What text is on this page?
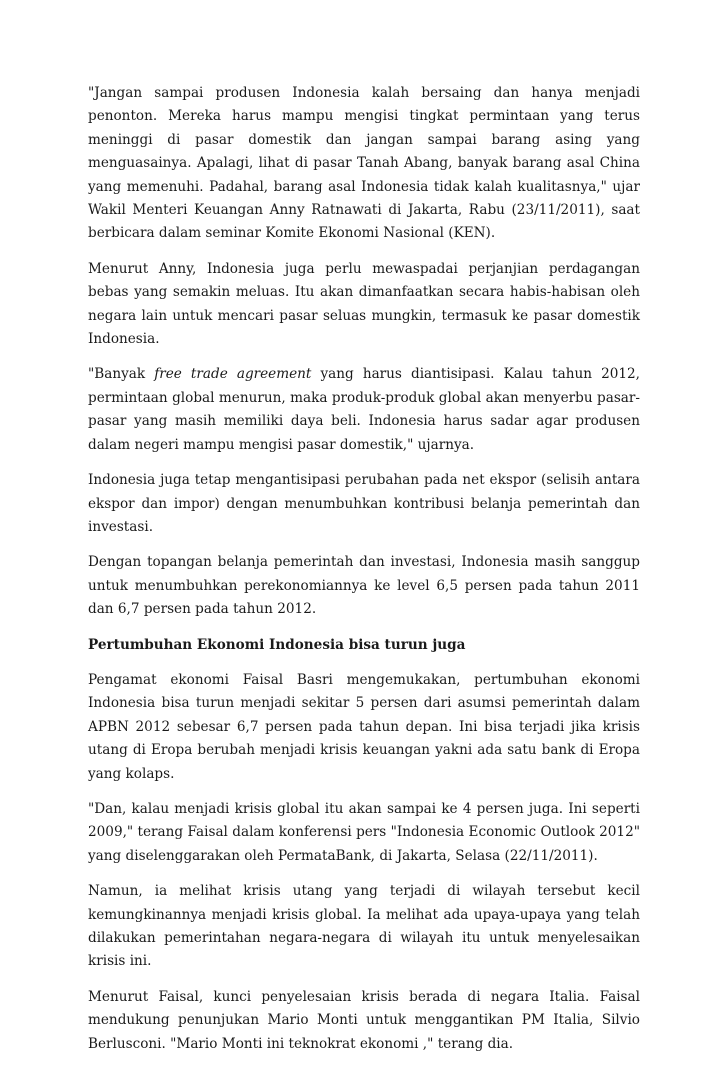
"Jangan sampai produsen Indonesia kalah bersaing dan hanya menjadi penonton. Mereka harus mampu mengisi tingkat permintaan yang terus meninggi di pasar domestik dan jangan sampai barang asing yang menguasainya. Apalagi, lihat di pasar Tanah Abang, banyak barang asal China yang memenuhi. Padahal, barang asal Indonesia tidak kalah kualitasnya," ujar Wakil Menteri Keuangan Anny Ratnawati di Jakarta, Rabu (23/11/2011), saat berbicara dalam seminar Komite Ekonomi Nasional (KEN).

Menurut Anny, Indonesia juga perlu mewaspadai perjanjian perdagangan bebas yang semakin meluas. Itu akan dimanfaatkan secara habis-habisan oleh negara lain untuk mencari pasar seluas mungkin, termasuk ke pasar domestik Indonesia.

"Banyak free trade agreement yang harus diantisipasi. Kalau tahun 2012, permintaan global menurun, maka produk-produk global akan menyerbu pasar-pasar yang masih memiliki daya beli. Indonesia harus sadar agar produsen dalam negeri mampu mengisi pasar domestik," ujarnya.

Indonesia juga tetap mengantisipasi perubahan pada net ekspor (selisih antara ekspor dan impor) dengan menumbuhkan kontribusi belanja pemerintah dan investasi.

Dengan topangan belanja pemerintah dan investasi, Indonesia masih sanggup untuk menumbuhkan perekonomiannya ke level 6,5 persen pada tahun 2011 dan 6,7 persen pada tahun 2012.

Pertumbuhan Ekonomi Indonesia bisa turun juga

Pengamat ekonomi Faisal Basri mengemukakan, pertumbuhan ekonomi Indonesia bisa turun menjadi sekitar 5 persen dari asumsi pemerintah dalam APBN 2012 sebesar 6,7 persen pada tahun depan. Ini bisa terjadi jika krisis utang di Eropa berubah menjadi krisis keuangan yakni ada satu bank di Eropa yang kolaps.

"Dan, kalau menjadi krisis global itu akan sampai ke 4 persen juga. Ini seperti 2009," terang Faisal dalam konferensi pers "Indonesia Economic Outlook 2012" yang diselenggarakan oleh PermataBank, di Jakarta, Selasa (22/11/2011).

Namun, ia melihat krisis utang yang terjadi di wilayah tersebut kecil kemungkinannya menjadi krisis global. Ia melihat ada upaya-upaya yang telah dilakukan pemerintahan negara-negara di wilayah itu untuk menyelesaikan krisis ini.

Menurut Faisal, kunci penyelesaian krisis berada di negara Italia. Faisal mendukung penunjukan Mario Monti untuk menggantikan PM Italia, Silvio Berlusconi. "Mario Monti ini teknokrat ekonomi ," terang dia.
